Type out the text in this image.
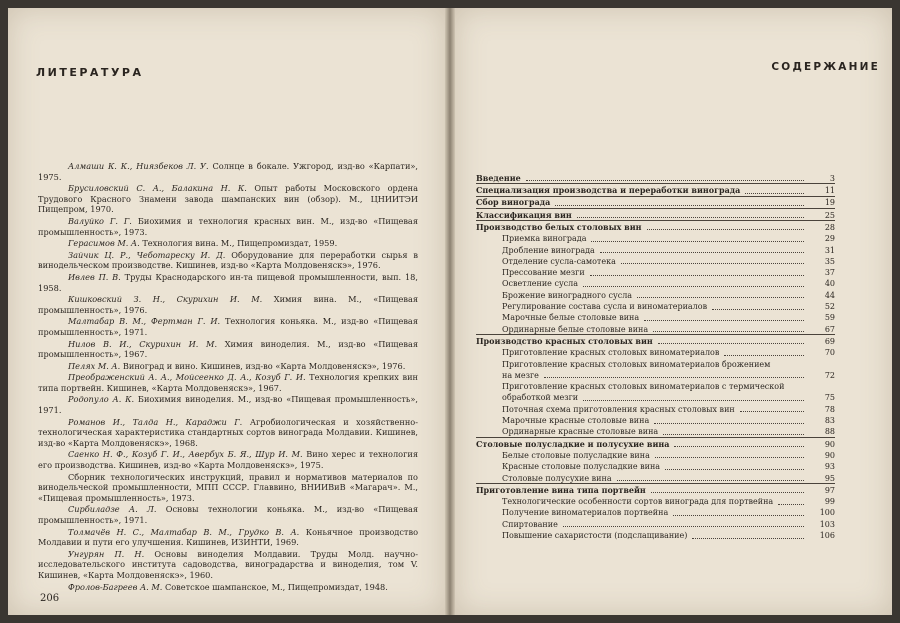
ЛИТЕРАТУРА
Алмаши К. К., Ниязбеков Л. У. Солнце в бокале. Ужгород, изд-во «Карпати», 1975.
Брусиловский С. А., Балакина Н. К. Опыт работы Московского ордена Трудового Красного Знамени завода шампанских вин (обзор). М., ЦНИИТЭИ Пищепром, 1970.
Валуйко Г. Г. Биохимия и технология красных вин. М., изд-во «Пищевая промышленность», 1973.
Герасимов М. А. Технология вина. М., Пищепромиздат, 1959.
Зайчик Ц. Р., Чеботареску И. Д. Оборудование для переработки сырья в винодельческом производстве. Кишинев, изд-во «Карта Молдовеняскэ», 1976.
Ивлев П. В. Труды Краснодарского ин-та пищевой промышленности, вып. 18, 1958.
Кишковский З. Н., Скурихин И. М. Химия вина. М., «Пищевая промышленность», 1976.
Малтабар В. М., Фертман Г. И. Технология коньяка. М., изд-во «Пищевая промышленность», 1971.
Нилов В. И., Скурихин И. М. Химия виноделия. М., изд-во «Пищевая промышленность», 1967.
Пелях М. А. Виноград и вино. Кишинев, изд-во «Карта Молдовеняскэ», 1976.
Преображенский А. А., Мойсеенко Д. А., Козуб Г. И. Технология крепких вин типа портвейн. Кишинев, «Карта Молдовеняскэ», 1967.
Родопуло А. К. Биохимия виноделия. М., изд-во «Пищевая промышленность», 1971.
Романов И., Талда Н., Караджи Г. Агробиологическая и хозяйственно-технологическая характеристика стандартных сортов винограда Молдавии. Кишинев, изд-во «Карта Молдовеняскэ», 1968.
Саенко Н. Ф., Козуб Г. И., Авербух Б. Я., Шур И. М. Вино херес и технология его производства. Кишинев, изд-во «Карта Молдовеняскэ», 1975.
Сборник технологических инструкций, правил и нормативов материалов по винодельческой промышленности, МПП СССР. Главвино, ВНИИВиВ «Магарач». М., «Пищевая промышленность», 1973.
Сирбиладзе А. Л. Основы технологии коньяка. М., изд-во «Пищевая промышленность», 1971.
Толмачёв Н. С., Малтабар В. М., Грудко В. А. Коньячное производство Молдавии и пути его улучшения. Кишинев, ИЗИНТИ, 1969.
Унгурян П. Н. Основы виноделия Молдавии. Труды Молд. научно-исследовательского института садоводства, виноградарства и виноделия, том V. Кишинев, «Карта Молдовеняскэ», 1960.
Фролов-Багреев А. М. Советское шампанское, М., Пищепромиздат, 1948.
206
СОДЕРЖАНИЕ
Введение	3
Специализация производства и переработки винограда	11
Сбор винограда	19
Классификация вин	25
Производство белых столовых вин	28
Приемка винограда	29
Дробление винограда	31
Отделение сусла-самотека	35
Прессование мезги	37
Осветление сусла	40
Брожение виноградного сусла	44
Регулирование состава сусла и виноматериалов	52
Марочные белые столовые вина	59
Ординарные белые столовые вина	67
Производство красных столовых вин	69
Приготовление красных столовых виноматериалов	70
Приготовление красных столовых виноматериалов брожением
на мезге	72
Приготовление красных столовых виноматериалов с термической
обработкой мезги	75
Поточная схема приготовления красных столовых вин	78
Марочные красные столовые вина	83
Ординарные красные столовые вина	88
Столовые полусладкие и полусухие вина	90
Белые столовые полусладкие вина	90
Красные столовые полусладкие вина	93
Столовые полусухие вина	95
Приготовление вина типа портвейн	97
Технологические особенности сортов винограда для портвейна	99
Получение виноматериалов портвейна	100
Спиртование	103
Повышение сахаристости (подслащивание)	106
